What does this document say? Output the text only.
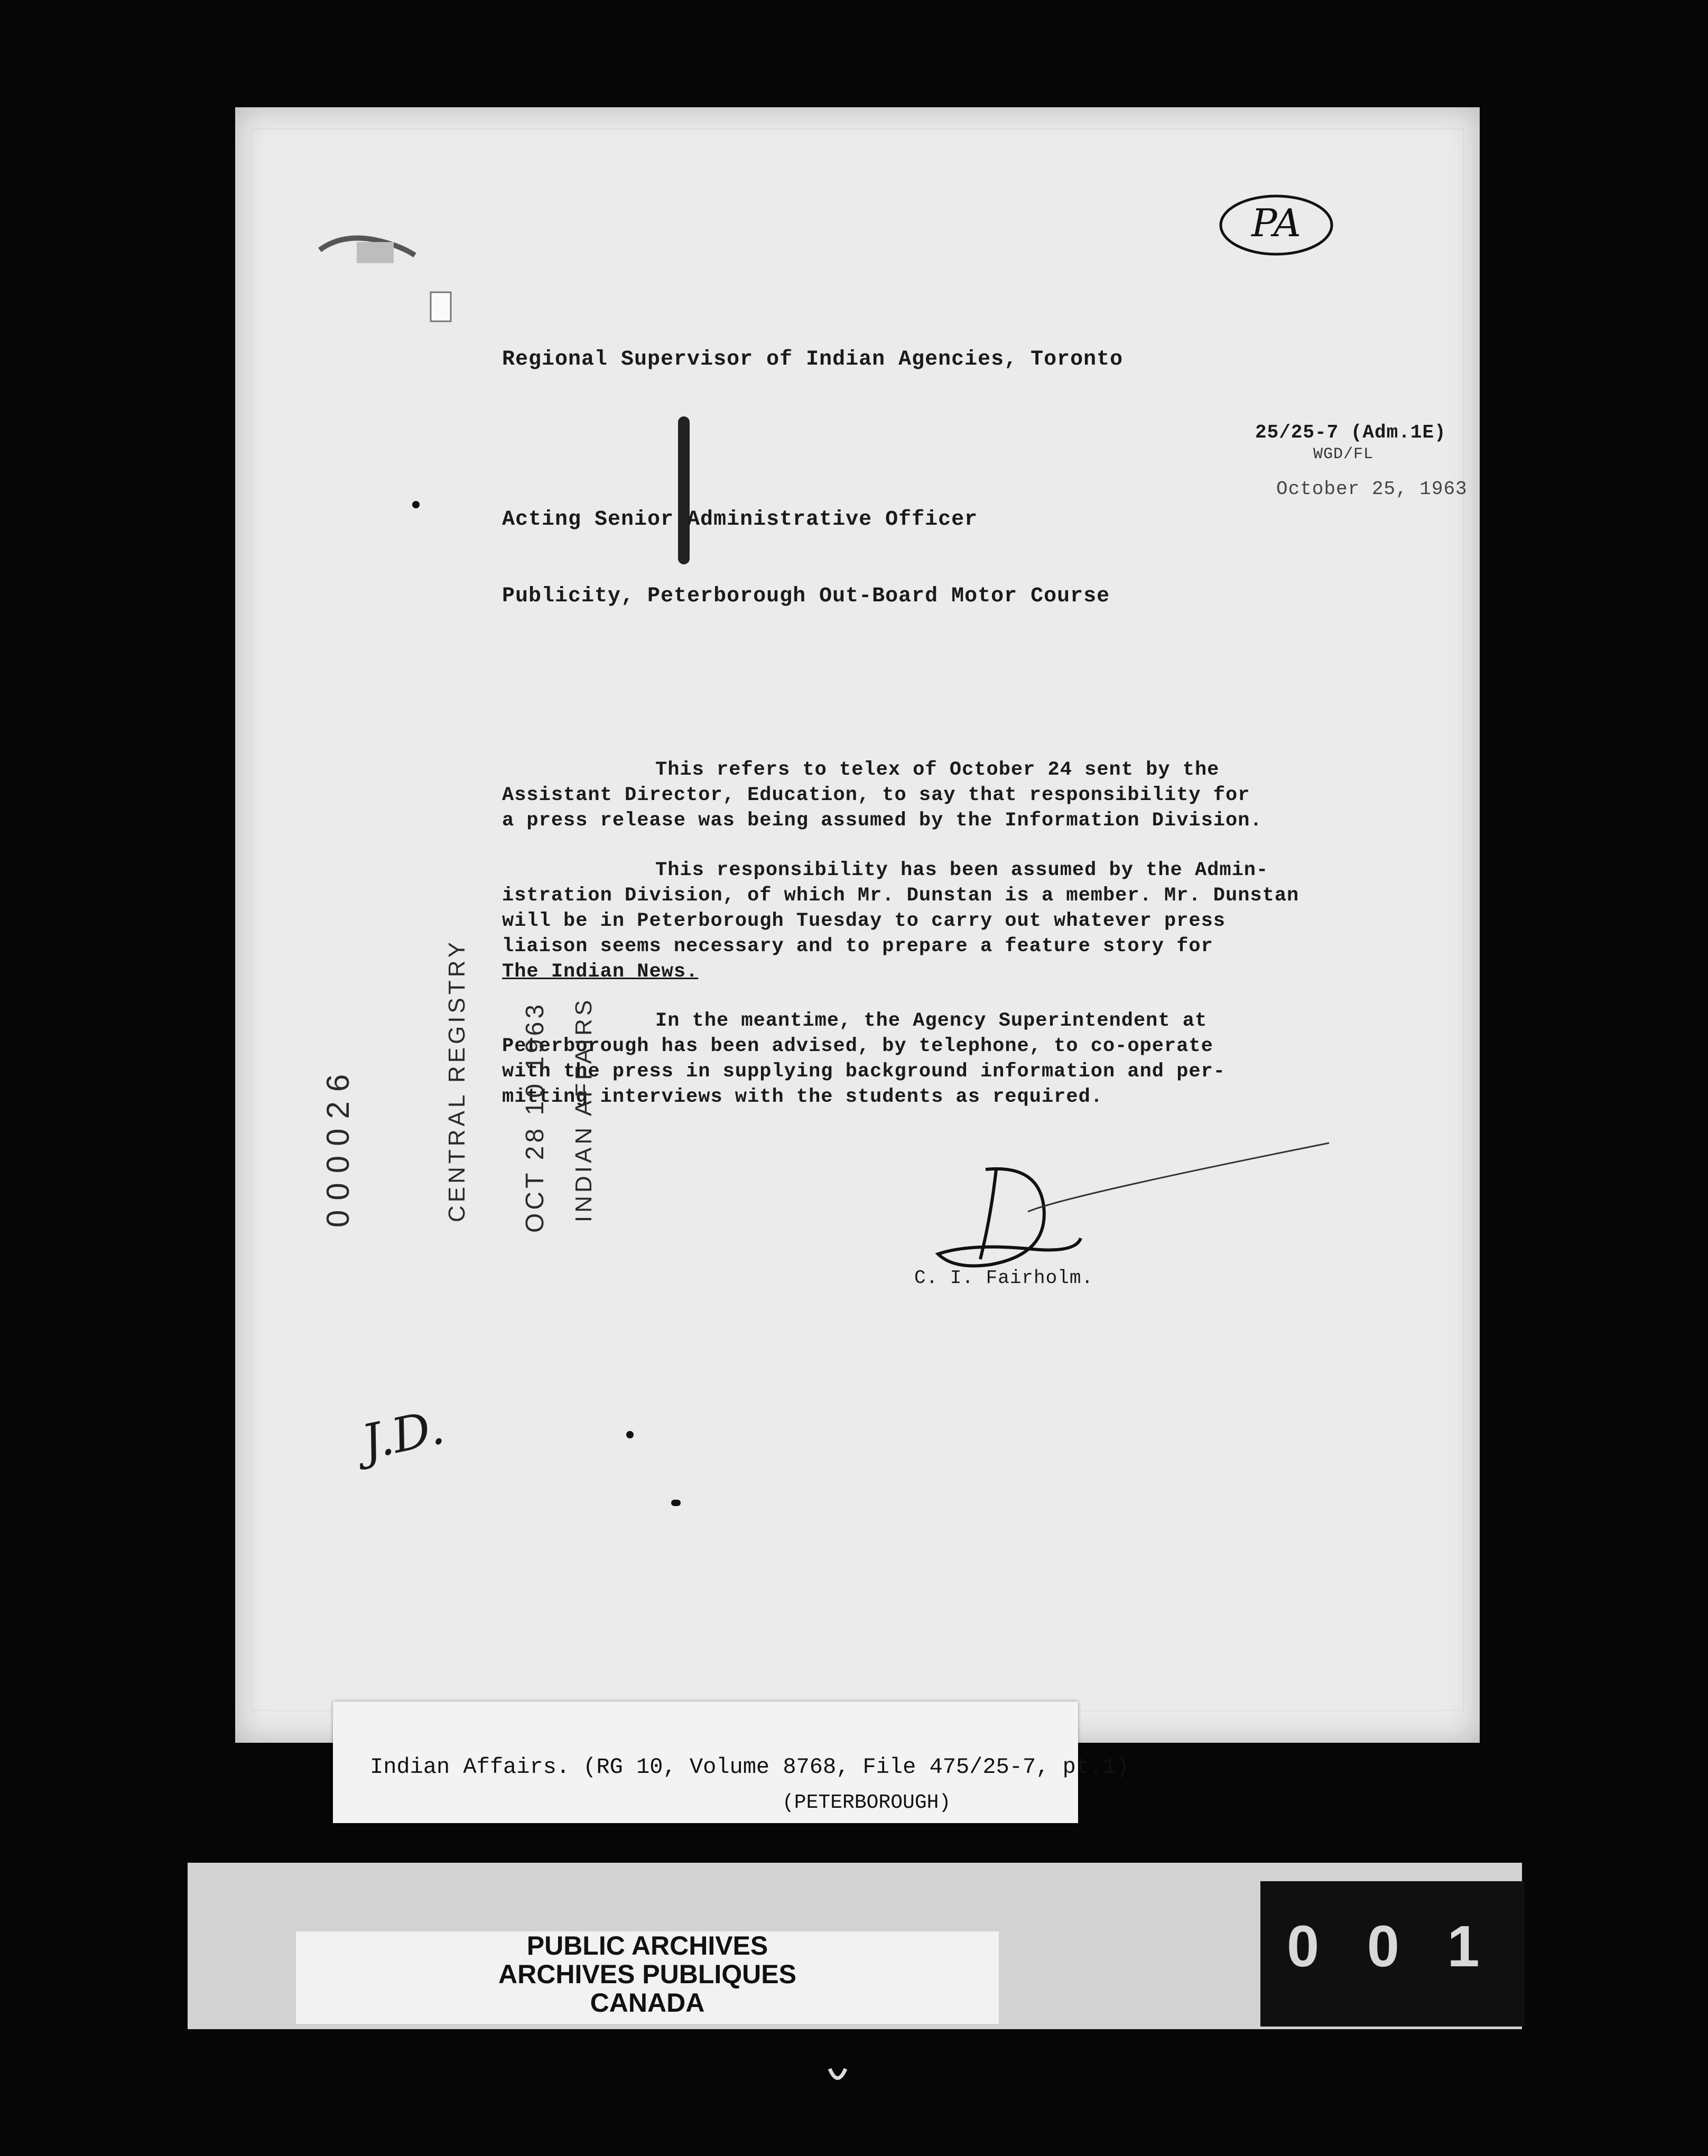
PA
Regional Supervisor of Indian Agencies, Toronto
25/25-7 (Adm.1E)
WGD/FL
October 25, 1963
Acting Senior Administrative Officer
Publicity, Peterborough Out-Board Motor Course

This refers to telex of October 24 sent by the

Assistant Director, Education, to say that responsibility for

a press release was being assumed by the Information Division.

This responsibility has been assumed by the Admin-

istration Division, of which Mr. Dunstan is a member. Mr. Dunstan

will be in Peterborough Tuesday to carry out whatever press

liaison seems necessary and to prepare a feature story for

The Indian News.

In the meantime, the Agency Superintendent at

Peterborough has been advised, by telephone, to co-operate

with the press in supplying background information and per-

mitting interviews with the students as required.

000026	CENTRAL REGISTRY OCT 28 10 1963 INDIAN AFFAIRS
C. I. Fairholm.
J.D.
Indian Affairs. (RG 10, Volume 8768, File 475/25-7, pt.1)
(PETERBOROUGH)
PUBLIC ARCHIVES
ARCHIVES PUBLIQUES
CANADA
0 0 1
